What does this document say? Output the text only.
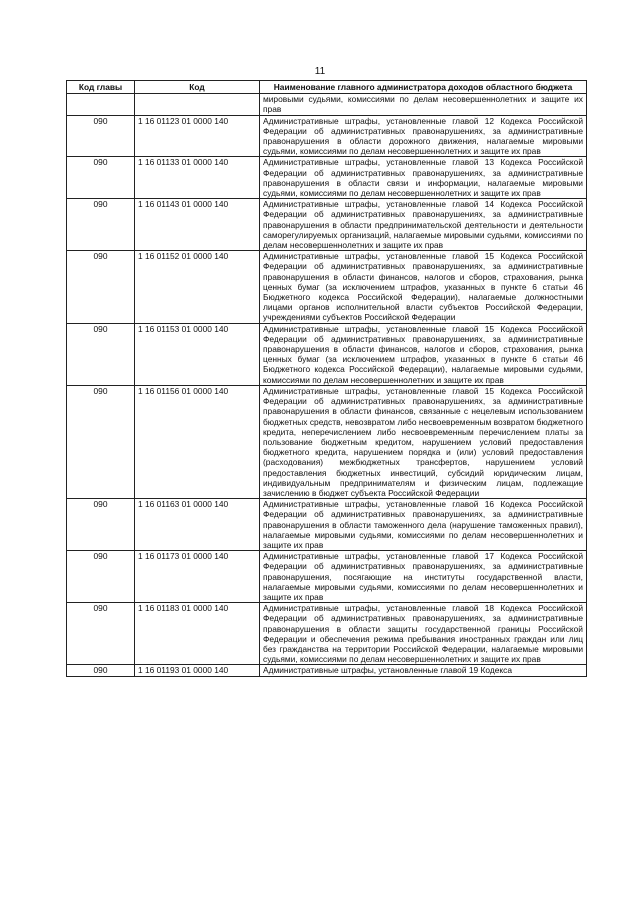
11
Код главы	Код	Наименование главного администратора доходов областного бюджета
		мировыми судьями, комиссиями по делам несовершеннолетних и защите их прав
090	1 16 01123 01 0000 140	Административные штрафы, установленные главой 12 Кодекса Российской Федерации об административных правонарушениях, за административные правонарушения в области дорожного движения, налагаемые мировыми судьями, комиссиями по делам несовершеннолетних и защите их прав
090	1 16 01133 01 0000 140	Административные штрафы, установленные главой 13 Кодекса Российской Федерации об административных правонарушениях, за административные правонарушения в области связи и информации, налагаемые мировыми судьями, комиссиями по делам несовершеннолетних и защите их прав
090	1 16 01143 01 0000 140	Административные штрафы, установленные главой 14 Кодекса Российской Федерации об административных правонарушениях, за административные правонарушения в области предпринимательской деятельности и деятельности саморегулируемых организаций, налагаемые мировыми судьями, комиссиями по делам несовершеннолетних и защите их прав
090	1 16 01152 01 0000 140	Административные штрафы, установленные главой 15 Кодекса Российской Федерации об административных правонарушениях, за административные правонарушения в области финансов, налогов и сборов, страхования, рынка ценных бумаг (за исключением штрафов, указанных в пункте 6 статьи 46 Бюджетного кодекса Российской Федерации), налагаемые должностными лицами органов исполнительной власти субъектов Российской Федерации, учреждениями субъектов Российской Федерации
090	1 16 01153 01 0000 140	Административные штрафы, установленные главой 15 Кодекса Российской Федерации об административных правонарушениях, за административные правонарушения в области финансов, налогов и сборов, страхования, рынка ценных бумаг (за исключением штрафов, указанных в пункте 6 статьи 46 Бюджетного кодекса Российской Федерации), налагаемые мировыми судьями, комиссиями по делам несовершеннолетних и защите их прав
090	1 16 01156 01 0000 140	Административные штрафы, установленные главой 15 Кодекса Российской Федерации об административных правонарушениях, за административные правонарушения в области финансов, связанные с нецелевым использованием бюджетных средств, невозвратом либо несвоевременным возвратом бюджетного кредита, неперечислением либо несвоевременным перечислением платы за пользование бюджетным кредитом, нарушением условий предоставления бюджетного кредита, нарушением порядка и (или) условий предоставления (расходования) межбюджетных трансфертов, нарушением условий предоставления бюджетных инвестиций, субсидий юридическим лицам, индивидуальным предпринимателям и физическим лицам, подлежащие зачислению в бюджет субъекта Российской Федерации
090	1 16 01163 01 0000 140	Административные штрафы, установленные главой 16 Кодекса Российской Федерации об административных правонарушениях, за административные правонарушения в области таможенного дела (нарушение таможенных правил), налагаемые мировыми судьями, комиссиями по делам несовершеннолетних и защите их прав
090	1 16 01173 01 0000 140	Административные штрафы, установленные главой 17 Кодекса Российской Федерации об административных правонарушениях, за административные правонарушения, посягающие на институты государственной власти, налагаемые мировыми судьями, комиссиями по делам несовершеннолетних и защите их прав
090	1 16 01183 01 0000 140	Административные штрафы, установленные главой 18 Кодекса Российской Федерации об административных правонарушениях, за административные правонарушения в области защиты государственной границы Российской Федерации и обеспечения режима пребывания иностранных граждан или лиц без гражданства на территории Российской Федерации, налагаемые мировыми судьями, комиссиями по делам несовершеннолетних и защите их прав
090	1 16 01193 01 0000 140	Административные штрафы, установленные главой 19 Кодекса
